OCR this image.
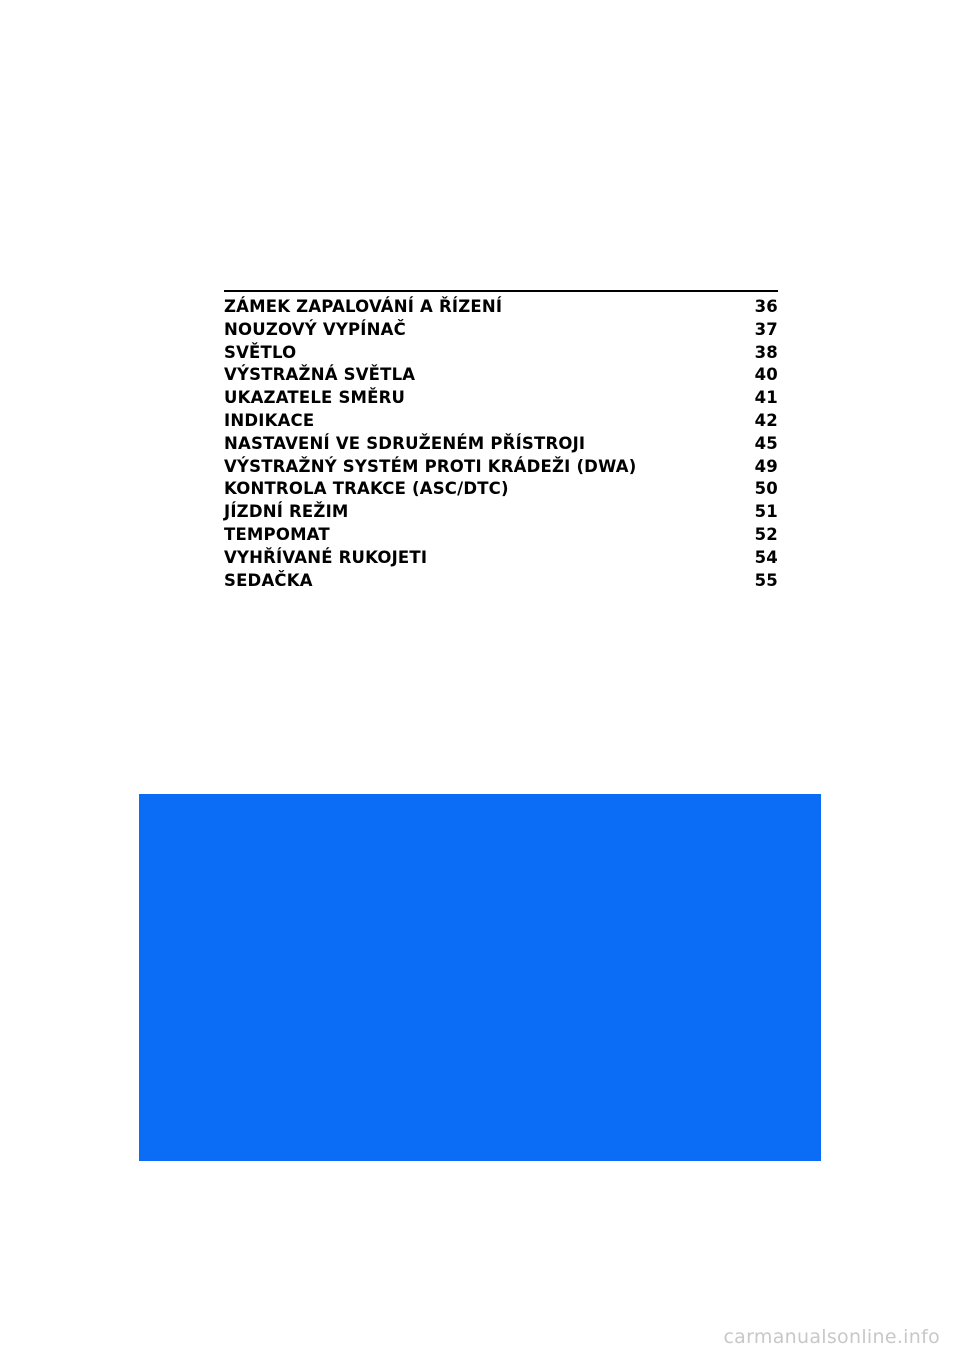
ZÁMEK ZAPALOVÁNÍ A ŘÍZENÍ	36
NOUZOVÝ VYPÍNAČ	37
SVĚTLO	38
VÝSTRAŽNÁ SVĚTLA	40
UKAZATELE SMĚRU	41
INDIKACE	42
NASTAVENÍ VE SDRUŽENÉM PŘÍSTROJI	45
VÝSTRAŽNÝ SYSTÉM PROTI KRÁDEŽI (DWA)	49
KONTROLA TRAKCE (ASC/DTC)	50
JÍZDNÍ REŽIM	51
TEMPOMAT	52
VYHŘÍVANÉ RUKOJETI	54
SEDAČKA	55
carmanualsonline.info
